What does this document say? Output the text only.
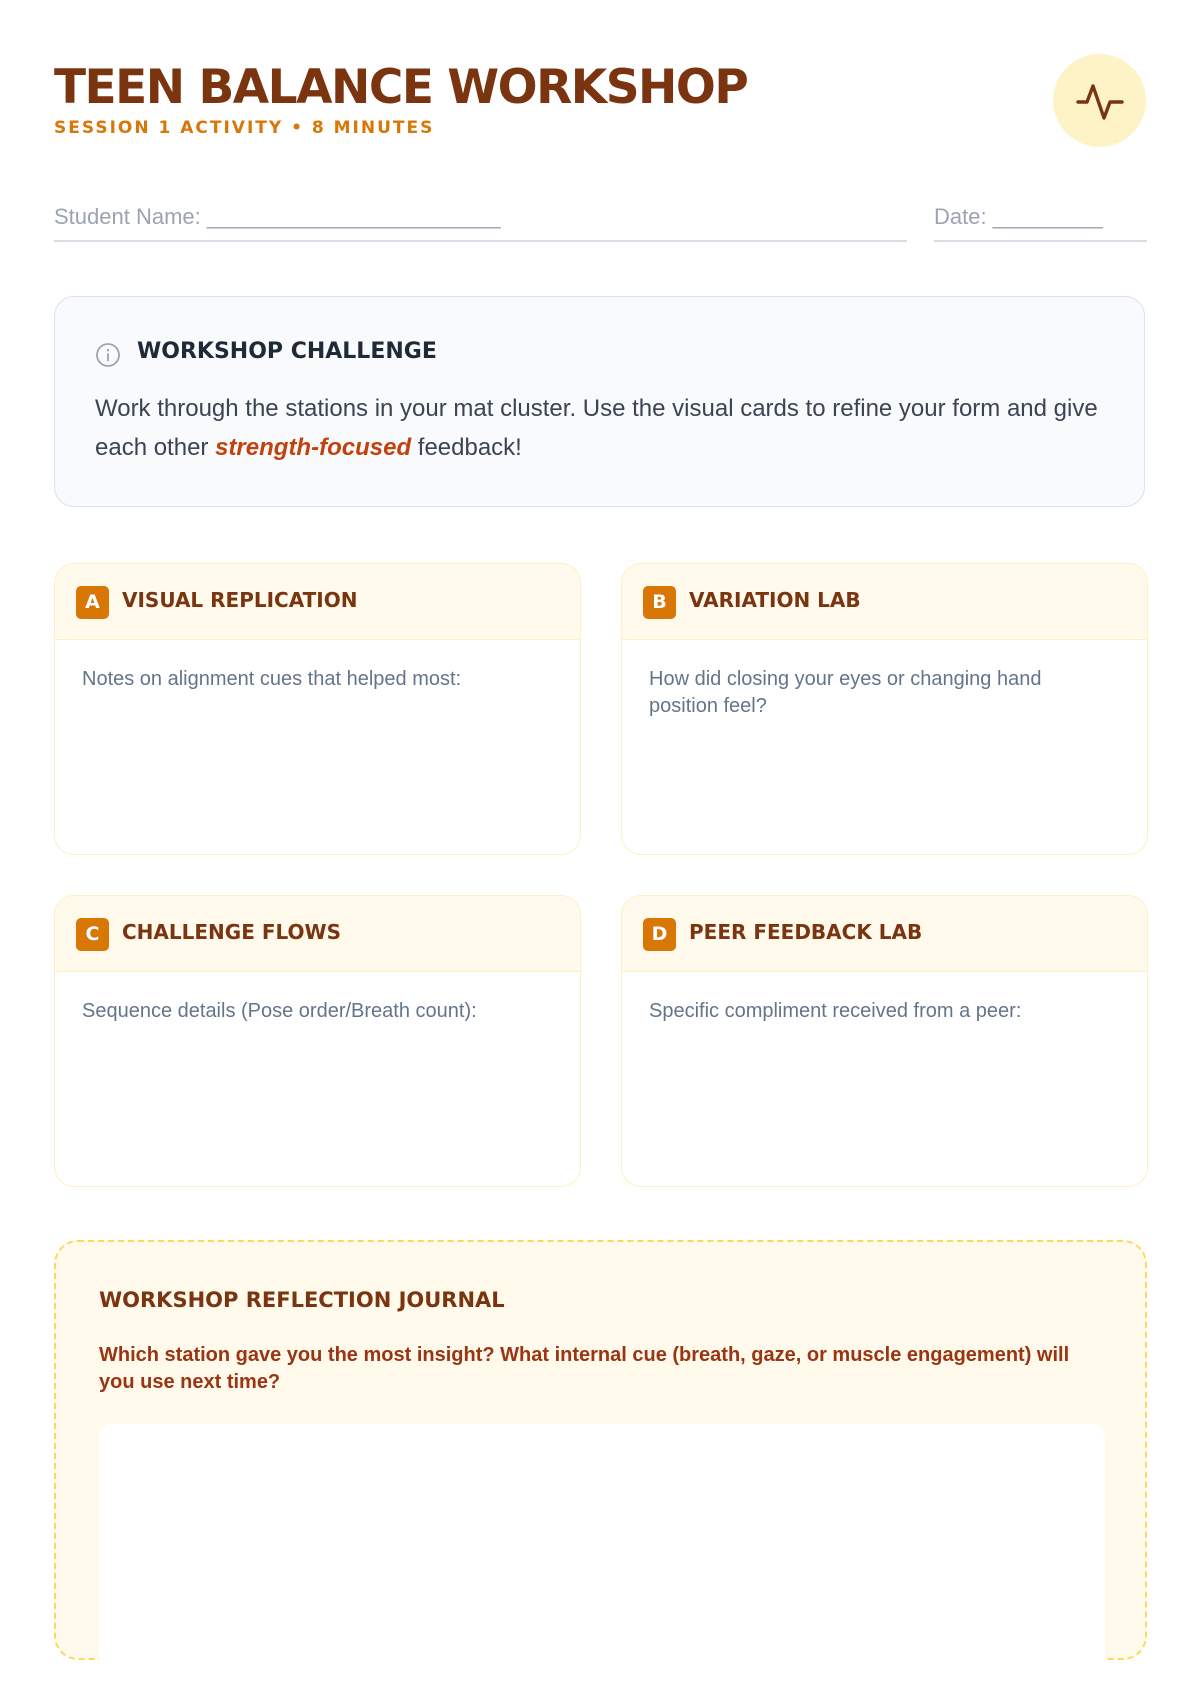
TEEN BALANCE WORKSHOP
SESSION 1 ACTIVITY • 8 MINUTES
Student Name: ________________________	Date: _________
WORKSHOP CHALLENGE
Work through the stations in your mat cluster. Use the visual cards to refine your form and give each other strength-focused feedback!
A	VISUAL REPLICATION
Notes on alignment cues that helped most:
B	VARIATION LAB
How did closing your eyes or changing hand position feel?
C	CHALLENGE FLOWS
Sequence details (Pose order/Breath count):
D	PEER FEEDBACK LAB
Specific compliment received from a peer:
WORKSHOP REFLECTION JOURNAL
Which station gave you the most insight? What internal cue (breath, gaze, or muscle engagement) will you use next time?
